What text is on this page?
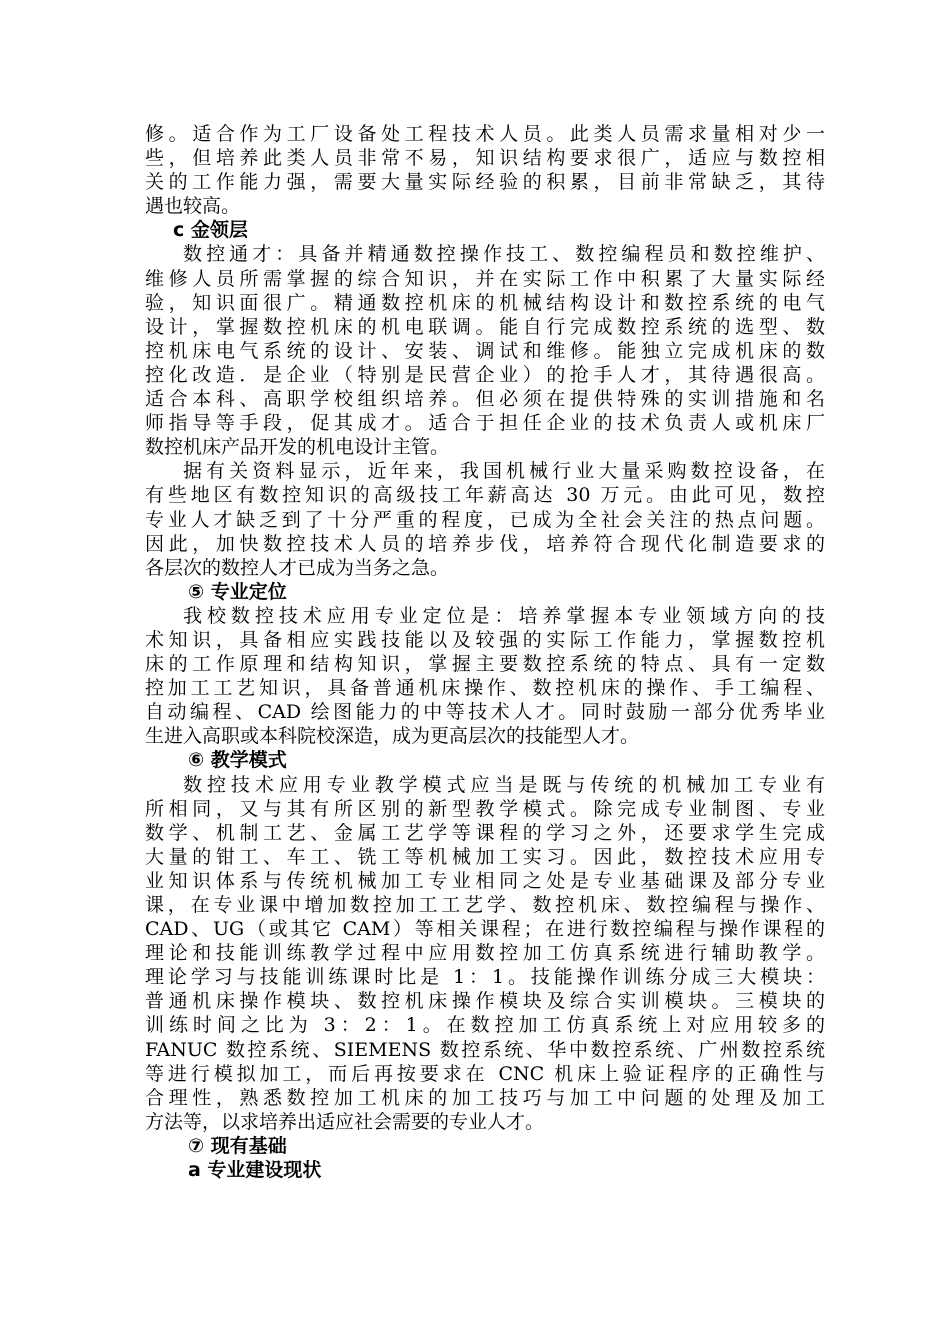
修。适合作为工厂设备处工程技术人员。此类人员需求量相对少一
些，但培养此类人员非常不易，知识结构要求很广，适应与数控相
关的工作能力强，需要大量实际经验的积累，目前非常缺乏，其待
遇也较高。
c 金领层
数控通才：具备并精通数控操作技工、数控编程员和数控维护、
维修人员所需掌握的综合知识，并在实际工作中积累了大量实际经
验，知识面很广。精通数控机床的机械结构设计和数控系统的电气
设计，掌握数控机床的机电联调。能自行完成数控系统的选型、数
控机床电气系统的设计、安装、调试和维修。能独立完成机床的数
控化改造．是企业（特别是民营企业）的抢手人才，其待遇很高。
适合本科、高职学校组织培养。但必须在提供特殊的实训措施和名
师指导等手段，促其成才。适合于担任企业的技术负责人或机床厂
数控机床产品开发的机电设计主管。
据有关资料显示，近年来，我国机械行业大量采购数控设备，在
有些地区有数控知识的高级技工年薪高达 30 万元。由此可见，数控
专业人才缺乏到了十分严重的程度，已成为全社会关注的热点问题。
因此，加快数控技术人员的培养步伐，培养符合现代化制造要求的
各层次的数控人才已成为当务之急。
⑤ 专业定位
我校数控技术应用专业定位是：培养掌握本专业领域方向的技
术知识，具备相应实践技能以及较强的实际工作能力，掌握数控机
床的工作原理和结构知识，掌握主要数控系统的特点、具有一定数
控加工工艺知识，具备普通机床操作、数控机床的操作、手工编程、
自动编程、CAD 绘图能力的中等技术人才。同时鼓励一部分优秀毕业
生进入高职或本科院校深造，成为更高层次的技能型人才。
⑥ 教学模式
数控技术应用专业教学模式应当是既与传统的机械加工专业有
所相同，又与其有所区别的新型教学模式。除完成专业制图、专业
数学、机制工艺、金属工艺学等课程的学习之外，还要求学生完成
大量的钳工、车工、铣工等机械加工实习。因此，数控技术应用专
业知识体系与传统机械加工专业相同之处是专业基础课及部分专业
课，在专业课中增加数控加工工艺学、数控机床、数控编程与操作、
CAD、UG（或其它 CAM）等相关课程；在进行数控编程与操作课程的
理论和技能训练教学过程中应用数控加工仿真系统进行辅助教学。
理论学习与技能训练课时比是 1：1。技能操作训练分成三大模块：
普通机床操作模块、数控机床操作模块及综合实训模块。三模块的
训练时间之比为 3：2：1。在数控加工仿真系统上对应用较多的
FANUC 数控系统、SIEMENS 数控系统、华中数控系统、广州数控系统
等进行模拟加工，而后再按要求在 CNC 机床上验证程序的正确性与
合理性，熟悉数控加工机床的加工技巧与加工中问题的处理及加工
方法等，以求培养出适应社会需要的专业人才。
⑦ 现有基础
a 专业建设现状
